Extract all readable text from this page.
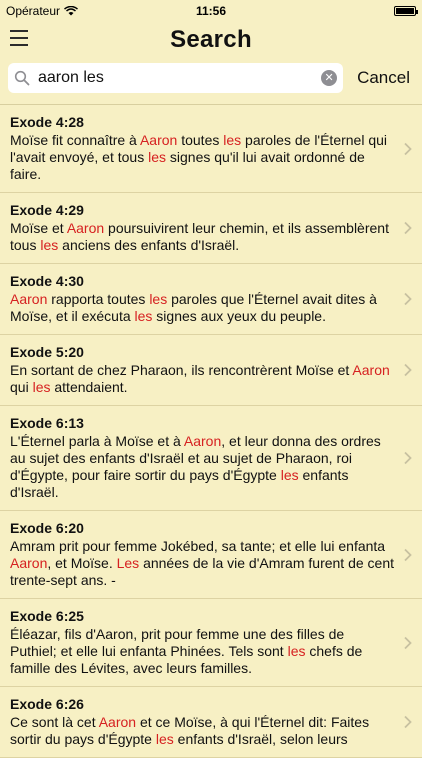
Opérateur	11:56
Search
aaron les
✕ Cancel
Exode 4:28
Moïse fit connaître à Aaron toutes les paroles de l'Éternel qui l'avait envoyé, et tous les signes qu'il lui avait ordonné de faire.
Exode 4:29
Moïse et Aaron poursuivirent leur chemin, et ils assemblèrent tous les anciens des enfants d'Israël.
Exode 4:30
Aaron rapporta toutes les paroles que l'Éternel avait dites à Moïse, et il exécuta les signes aux yeux du peuple.
Exode 5:20
En sortant de chez Pharaon, ils rencontrèrent Moïse et Aaron qui les attendaient.
Exode 6:13
L'Éternel parla à Moïse et à Aaron, et leur donna des ordres au sujet des enfants d'Israël et au sujet de Pharaon, roi d'Égypte, pour faire sortir du pays d'Égypte les enfants d'Israël.
Exode 6:20
Amram prit pour femme Jokébed, sa tante; et elle lui enfanta Aaron, et Moïse. Les années de la vie d'Amram furent de cent trente-sept ans. -
Exode 6:25
Éléazar, fils d'Aaron, prit pour femme une des filles de Puthiel; et elle lui enfanta Phinées. Tels sont les chefs de famille des Lévites, avec leurs familles.
Exode 6:26
Ce sont là cet Aaron et ce Moïse, à qui l'Éternel dit: Faites sortir du pays d'Égypte les enfants d'Israël, selon leurs
